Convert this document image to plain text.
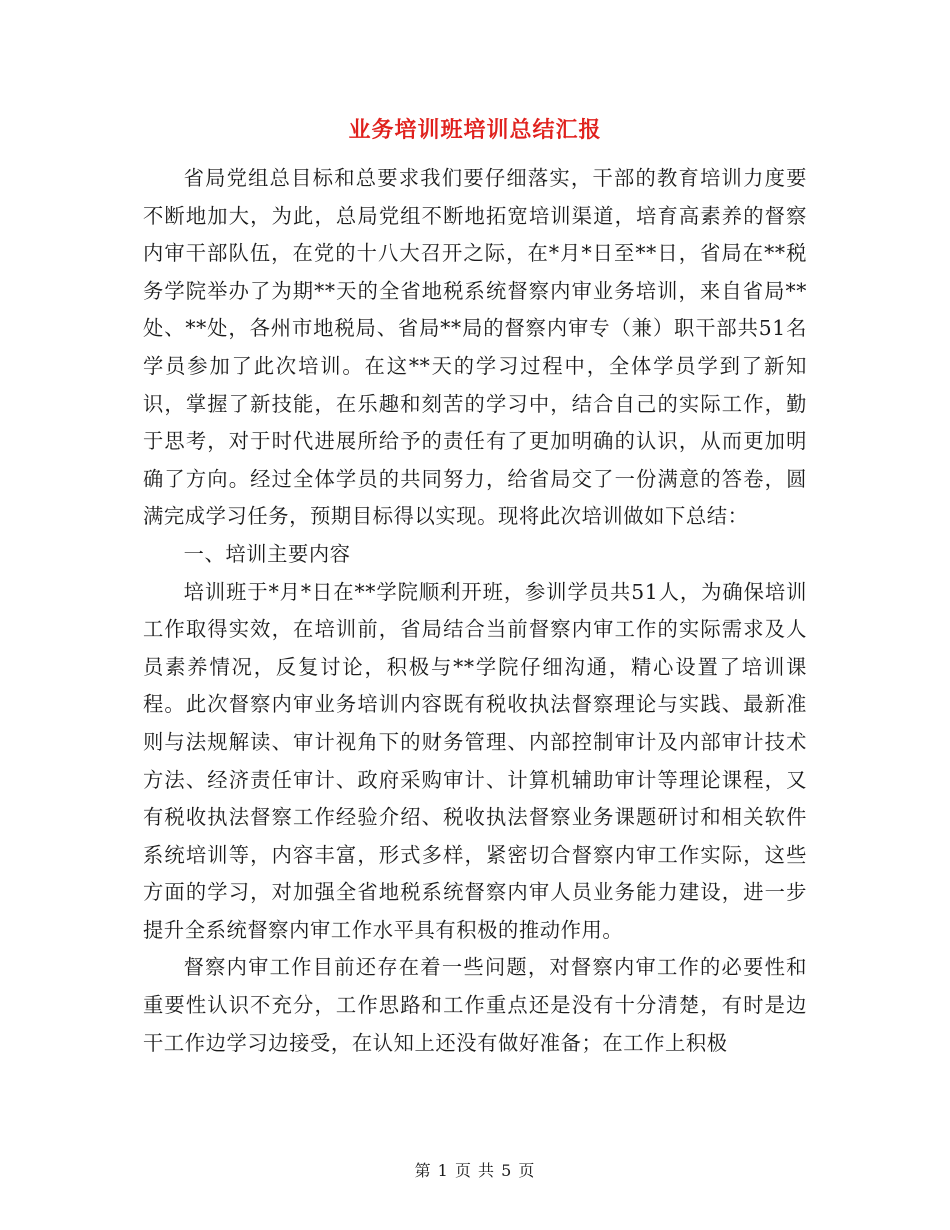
业务培训班培训总结汇报

省局党组总目标和总要求我们要仔细落实，干部的教育培训力度要不断地加大，为此，总局党组不断地拓宽培训渠道，培育高素养的督察内审干部队伍，在党的十八大召开之际，在*月*日至**日，省局在**税务学院举办了为期**天的全省地税系统督察内审业务培训，来自省局**处、**处，各州市地税局、省局**局的督察内审专（兼）职干部共51名学员参加了此次培训。在这**天的学习过程中，全体学员学到了新知识，掌握了新技能，在乐趣和刻苦的学习中，结合自己的实际工作，勤于思考，对于时代进展所给予的责任有了更加明确的认识，从而更加明确了方向。经过全体学员的共同努力，给省局交了一份满意的答卷，圆满完成学习任务，预期目标得以实现。现将此次培训做如下总结：

一、培训主要内容

培训班于*月*日在**学院顺利开班，参训学员共51人，为确保培训工作取得实效，在培训前，省局结合当前督察内审工作的实际需求及人员素养情况，反复讨论，积极与**学院仔细沟通，精心设置了培训课程。此次督察内审业务培训内容既有税收执法督察理论与实践、最新准则与法规解读、审计视角下的财务管理、内部控制审计及内部审计技术方法、经济责任审计、政府采购审计、计算机辅助审计等理论课程，又有税收执法督察工作经验介绍、税收执法督察业务课题研讨和相关软件系统培训等，内容丰富，形式多样，紧密切合督察内审工作实际，这些方面的学习，对加强全省地税系统督察内审人员业务能力建设，进一步提升全系统督察内审工作水平具有积极的推动作用。

督察内审工作目前还存在着一些问题，对督察内审工作的必要性和重要性认识不充分，工作思路和工作重点还是没有十分清楚，有时是边干工作边学习边接受，在认知上还没有做好准备；在工作上积极

第 1 页 共 5 页
